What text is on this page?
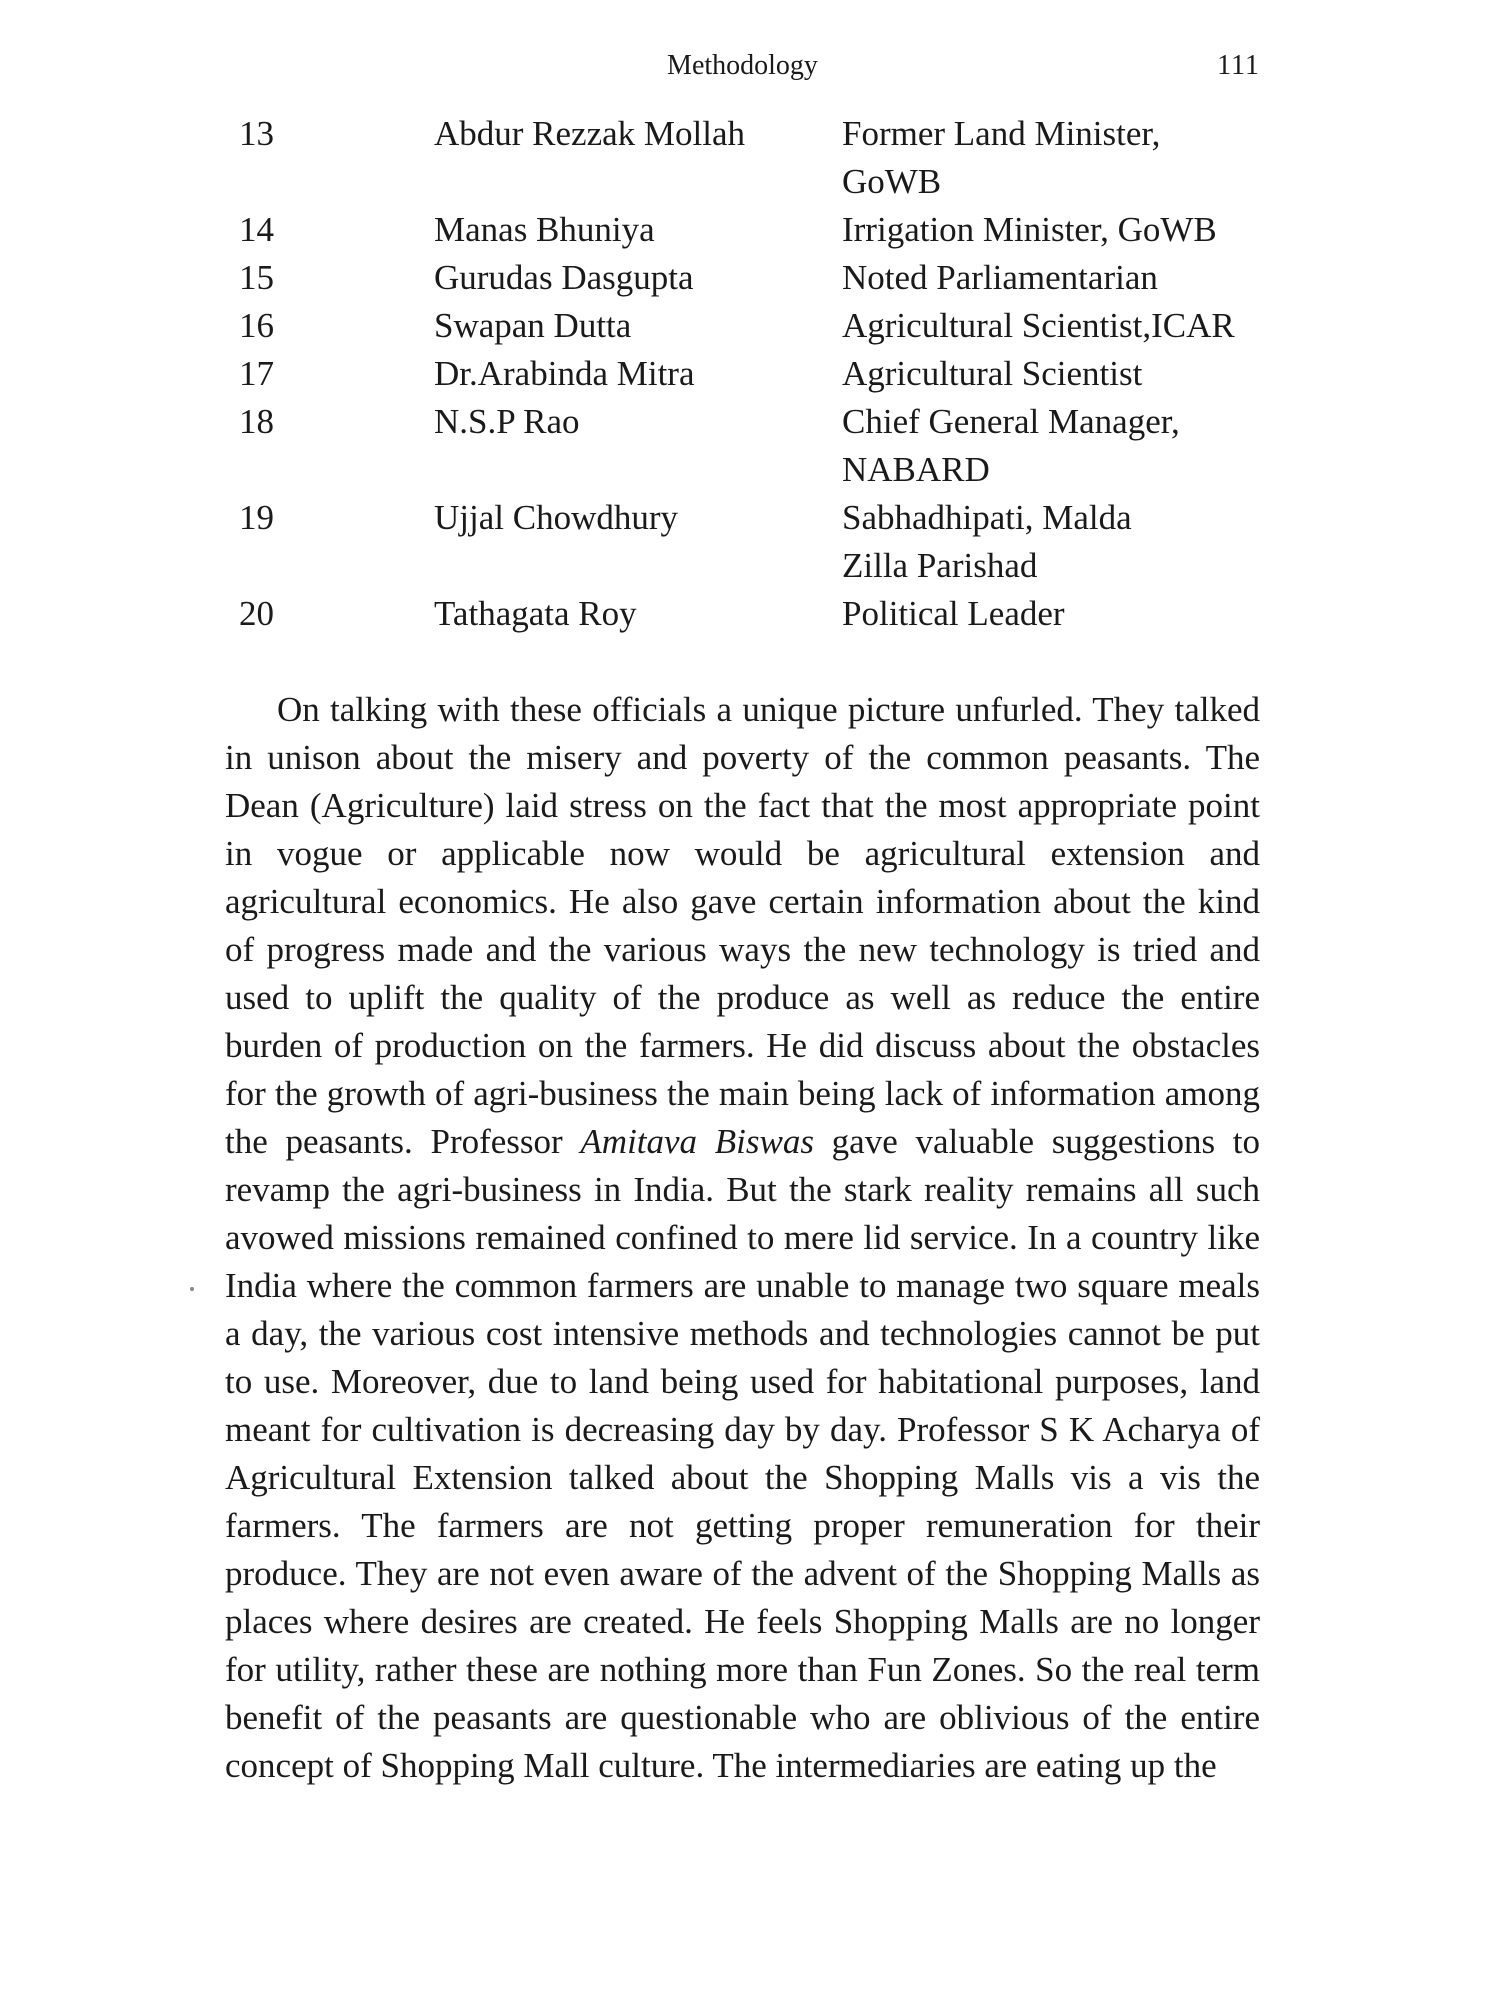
Methodology	111
13	Abdur Rezzak Mollah	Former Land Minister,
GoWB

14	Manas Bhuniya	Irrigation Minister, GoWB

15	Gurudas Dasgupta	Noted Parliamentarian

16	Swapan Dutta	Agricultural Scientist,ICAR

17	Dr.Arabinda Mitra	Agricultural Scientist

18	N.S.P Rao	Chief General Manager,
NABARD

19	Ujjal Chowdhury	Sabhadhipati, Malda
Zilla Parishad

20	Tathagata Roy	Political Leader

On talking with these officials a unique picture unfurled. They talked in unison about the misery and poverty of the common peasants. The Dean (Agriculture) laid stress on the fact that the most appropriate point in vogue or applicable now would be agricultural extension and agricultural economics. He also gave certain information about the kind of progress made and the various ways the new technology is tried and used to uplift the quality of the produce as well as reduce the entire burden of production on the farmers. He did discuss about the obstacles for the growth of agri-business the main being lack of information among the peasants. Professor Amitava Biswas gave valuable suggestions to revamp the agri-business in India. But the stark reality remains all such avowed missions remained confined to mere lid service. In a country like India where the common farmers are unable to manage two square meals a day, the various cost intensive methods and technologies cannot be put to use. Moreover, due to land being used for habitational purposes, land meant for cultivation is decreasing day by day. Professor S K Acharya of Agricultural Extension talked about the Shopping Malls vis a vis the farmers. The farmers are not getting proper remuneration for their produce. They are not even aware of the advent of the Shopping Malls as places where desires are created. He feels Shopping Malls are no longer for utility, rather these are nothing more than Fun Zones. So the real term benefit of the peasants are questionable who are oblivious of the entire concept of Shopping Mall culture. The intermediaries are eating up the
